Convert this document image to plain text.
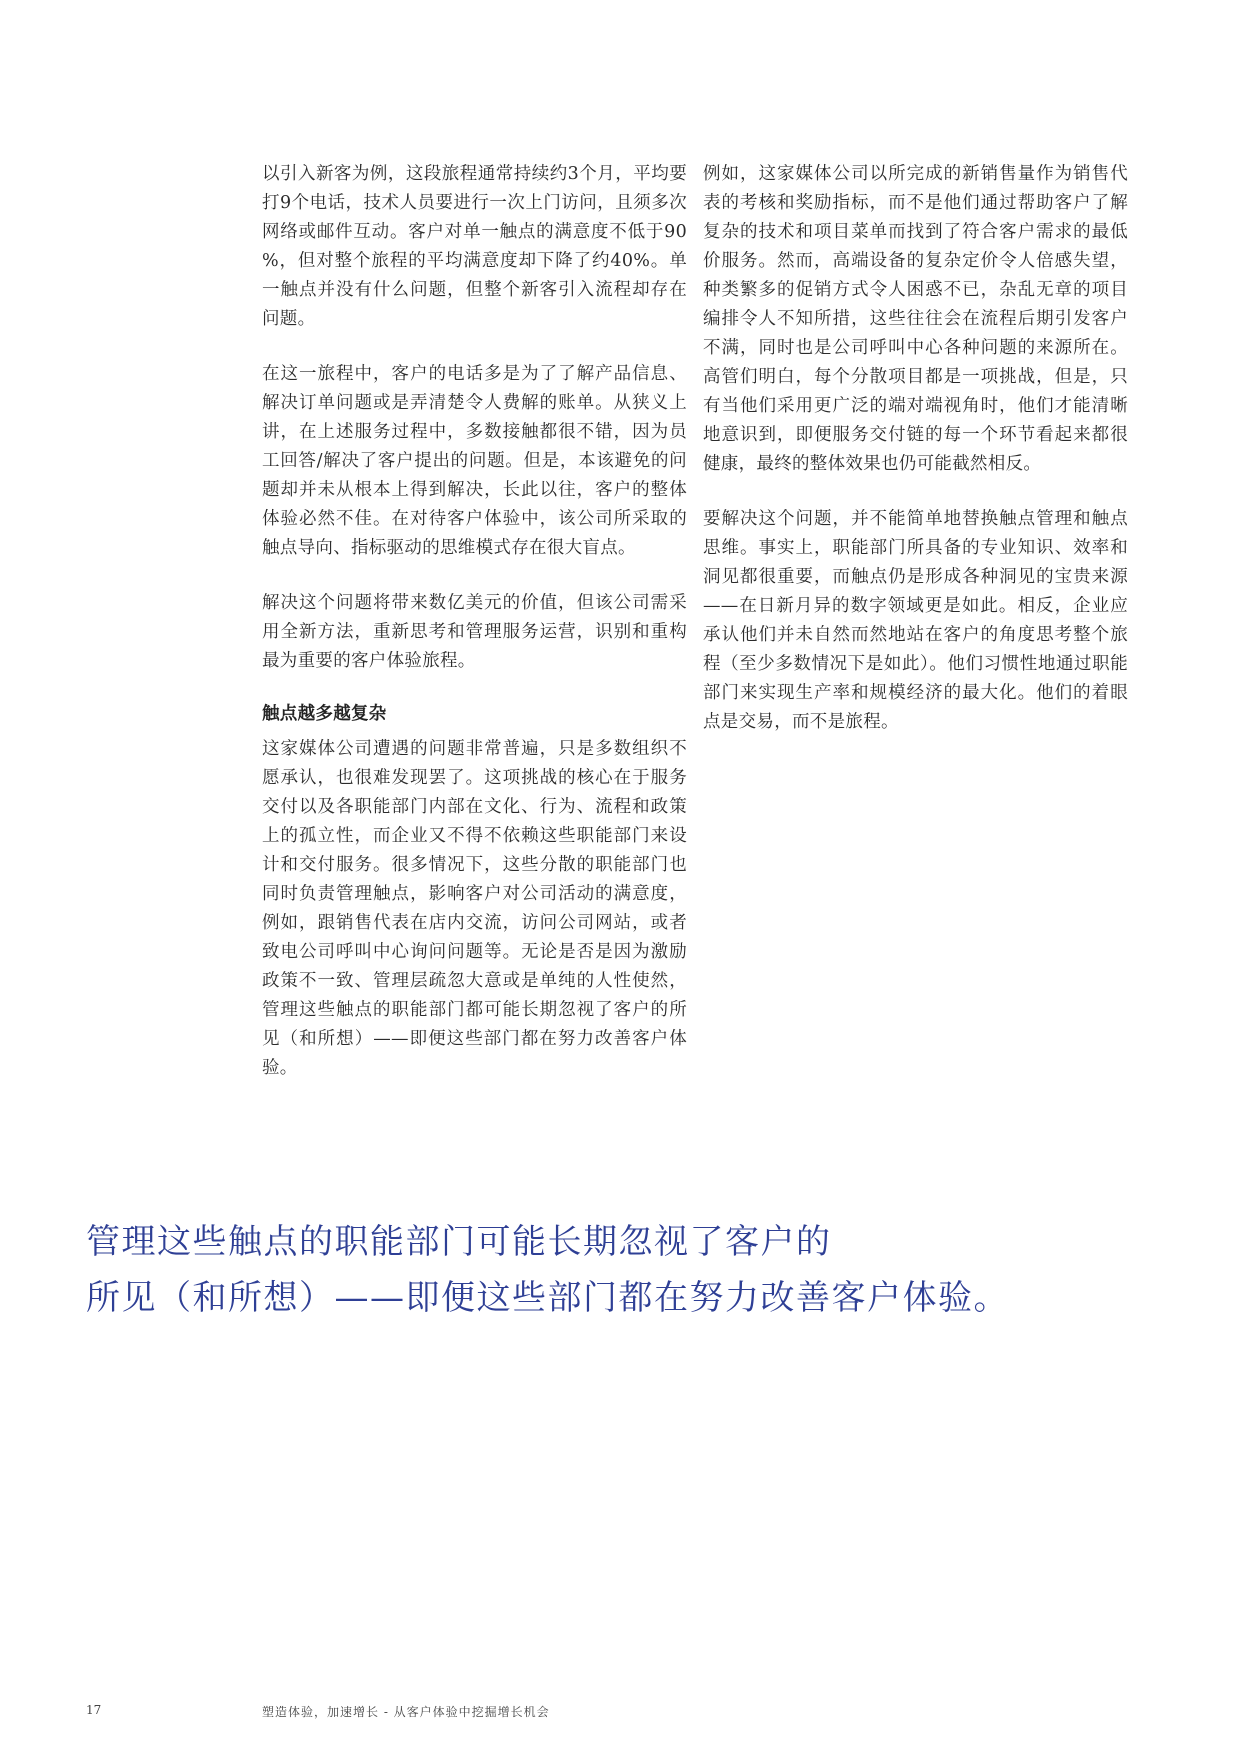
以引入新客为例，这段旅程通常持续约3个月，平均要打9个电话，技术人员要进行一次上门访问，且须多次网络或邮件互动。客户对单一触点的满意度不低于90%，但对整个旅程的平均满意度却下降了约40%。单一触点并没有什么问题，但整个新客引入流程却存在问题。

在这一旅程中，客户的电话多是为了了解产品信息、解决订单问题或是弄清楚令人费解的账单。从狭义上讲，在上述服务过程中，多数接触都很不错，因为员工回答/解决了客户提出的问题。但是，本该避免的问题却并未从根本上得到解决，长此以往，客户的整体体验必然不佳。在对待客户体验中，该公司所采取的触点导向、指标驱动的思维模式存在很大盲点。

解决这个问题将带来数亿美元的价值，但该公司需采用全新方法，重新思考和管理服务运营，识别和重构最为重要的客户体验旅程。

触点越多越复杂

这家媒体公司遭遇的问题非常普遍，只是多数组织不愿承认，也很难发现罢了。这项挑战的核心在于服务交付以及各职能部门内部在文化、行为、流程和政策上的孤立性，而企业又不得不依赖这些职能部门来设计和交付服务。很多情况下，这些分散的职能部门也同时负责管理触点，影响客户对公司活动的满意度，例如，跟销售代表在店内交流，访问公司网站，或者致电公司呼叫中心询问问题等。无论是否是因为激励政策不一致、管理层疏忽大意或是单纯的人性使然，管理这些触点的职能部门都可能长期忽视了客户的所见（和所想）——即便这些部门都在努力改善客户体验。

例如，这家媒体公司以所完成的新销售量作为销售代表的考核和奖励指标，而不是他们通过帮助客户了解复杂的技术和项目菜单而找到了符合客户需求的最低价服务。然而，高端设备的复杂定价令人倍感失望，种类繁多的促销方式令人困惑不已，杂乱无章的项目编排令人不知所措，这些往往会在流程后期引发客户不满，同时也是公司呼叫中心各种问题的来源所在。高管们明白，每个分散项目都是一项挑战，但是，只有当他们采用更广泛的端对端视角时，他们才能清晰地意识到，即便服务交付链的每一个环节看起来都很健康，最终的整体效果也仍可能截然相反。

要解决这个问题，并不能简单地替换触点管理和触点思维。事实上，职能部门所具备的专业知识、效率和洞见都很重要，而触点仍是形成各种洞见的宝贵来源——在日新月异的数字领域更是如此。相反，企业应承认他们并未自然而然地站在客户的角度思考整个旅程（至少多数情况下是如此）。他们习惯性地通过职能部门来实现生产率和规模经济的最大化。他们的着眼点是交易，而不是旅程。

管理这些触点的职能部门可能长期忽视了客户的
所见（和所想）——即便这些部门都在努力改善客户体验。
17	塑造体验，加速增长 - 从客户体验中挖掘增长机会
